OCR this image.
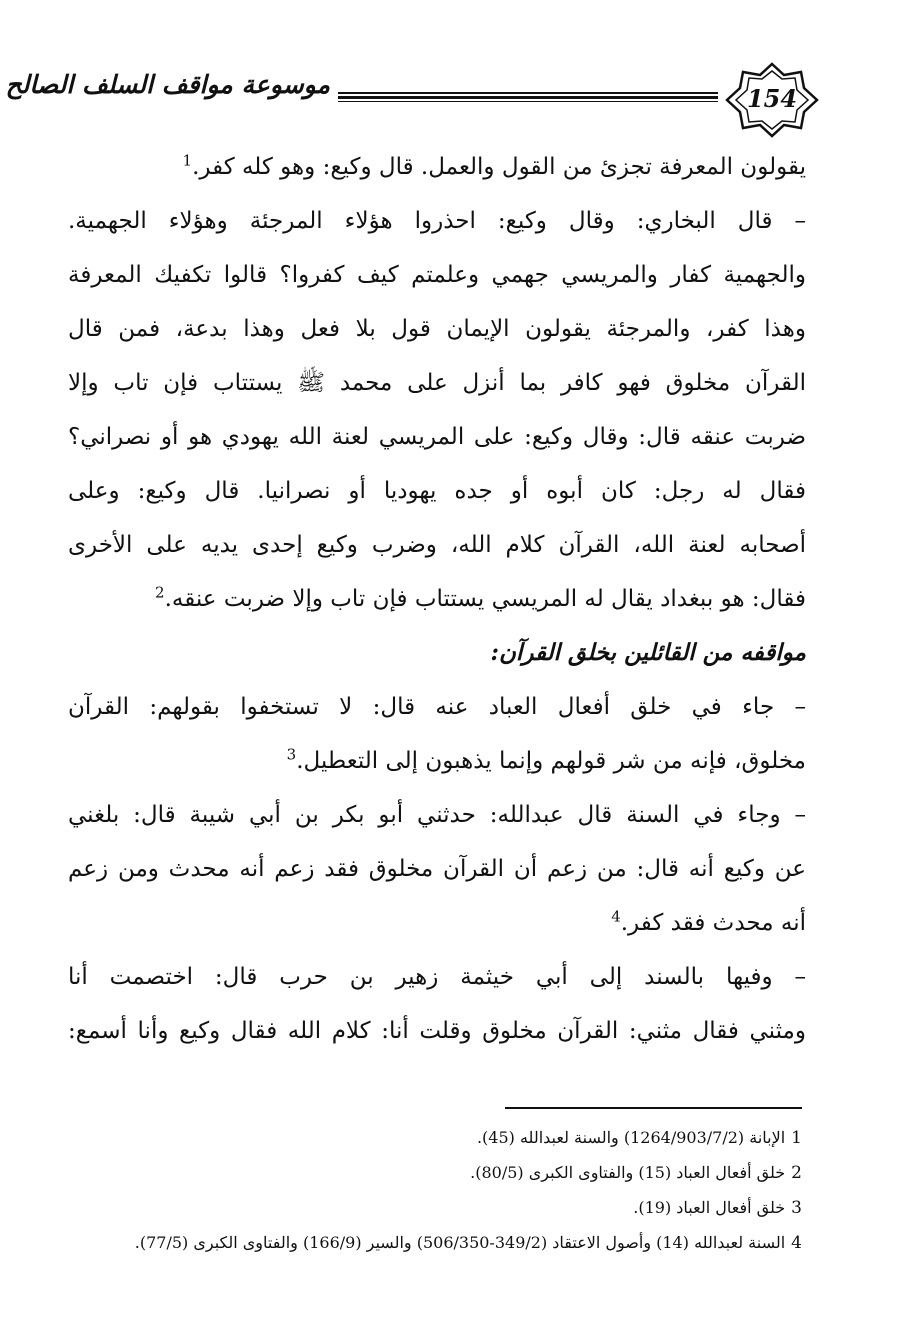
موسوعة مواقف السلف الصالح	154
يقولون المعرفة تجزئ من القول والعمل. قال وكيع: وهو كله كفر.$^1$
– قال البخاري: وقال وكيع: احذروا هؤلاء المرجئة وهؤلاء الجهمية.
والجهمية كفار والمريسي جهمي وعلمتم كيف كفروا؟ قالوا تكفيك المعرفة
وهذا كفر، والمرجئة يقولون الإيمان قول بلا فعل وهذا بدعة، فمن قال
القرآن مخلوق فهو كافر بما أنزل على محمد ﷺ يستتاب فإن تاب وإلا
ضربت عنقه قال: وقال وكيع: على المريسي لعنة الله يهودي هو أو نصراني؟
فقال له رجل: كان أبوه أو جده يهوديا أو نصرانيا. قال وكيع: وعلى
أصحابه لعنة الله، القرآن كلام الله، وضرب وكيع إحدى يديه على الأخرى
فقال: هو ببغداد يقال له المريسي يستتاب فإن تاب وإلا ضربت عنقه.$^2$
مواقفه من القائلين بخلق القرآن:
– جاء في خلق أفعال العباد عنه قال: لا تستخفوا بقولهم: القرآن
مخلوق، فإنه من شر قولهم وإنما يذهبون إلى التعطيل.$^3$
– وجاء في السنة قال عبدالله: حدثني أبو بكر بن أبي شيبة قال: بلغني
عن وكيع أنه قال: من زعم أن القرآن مخلوق فقد زعم أنه محدث ومن زعم
أنه محدث فقد كفر.$^4$
– وفيها بالسند إلى أبي خيثمة زهير بن حرب قال: اختصمت أنا
ومثني فقال مثني: القرآن مخلوق وقلت أنا: كلام الله فقال وكيع وأنا أسمع:
1الإبانة (1264/903/7/2) والسنة لعبدالله (45).
2خلق أفعال العباد (15) والفتاوى الكبرى (80/5).
3خلق أفعال العباد (19).
4السنة لعبدالله (14) وأصول الاعتقاد (349/2-506/350) والسير (166/9) والفتاوى الكبرى (77/5).
